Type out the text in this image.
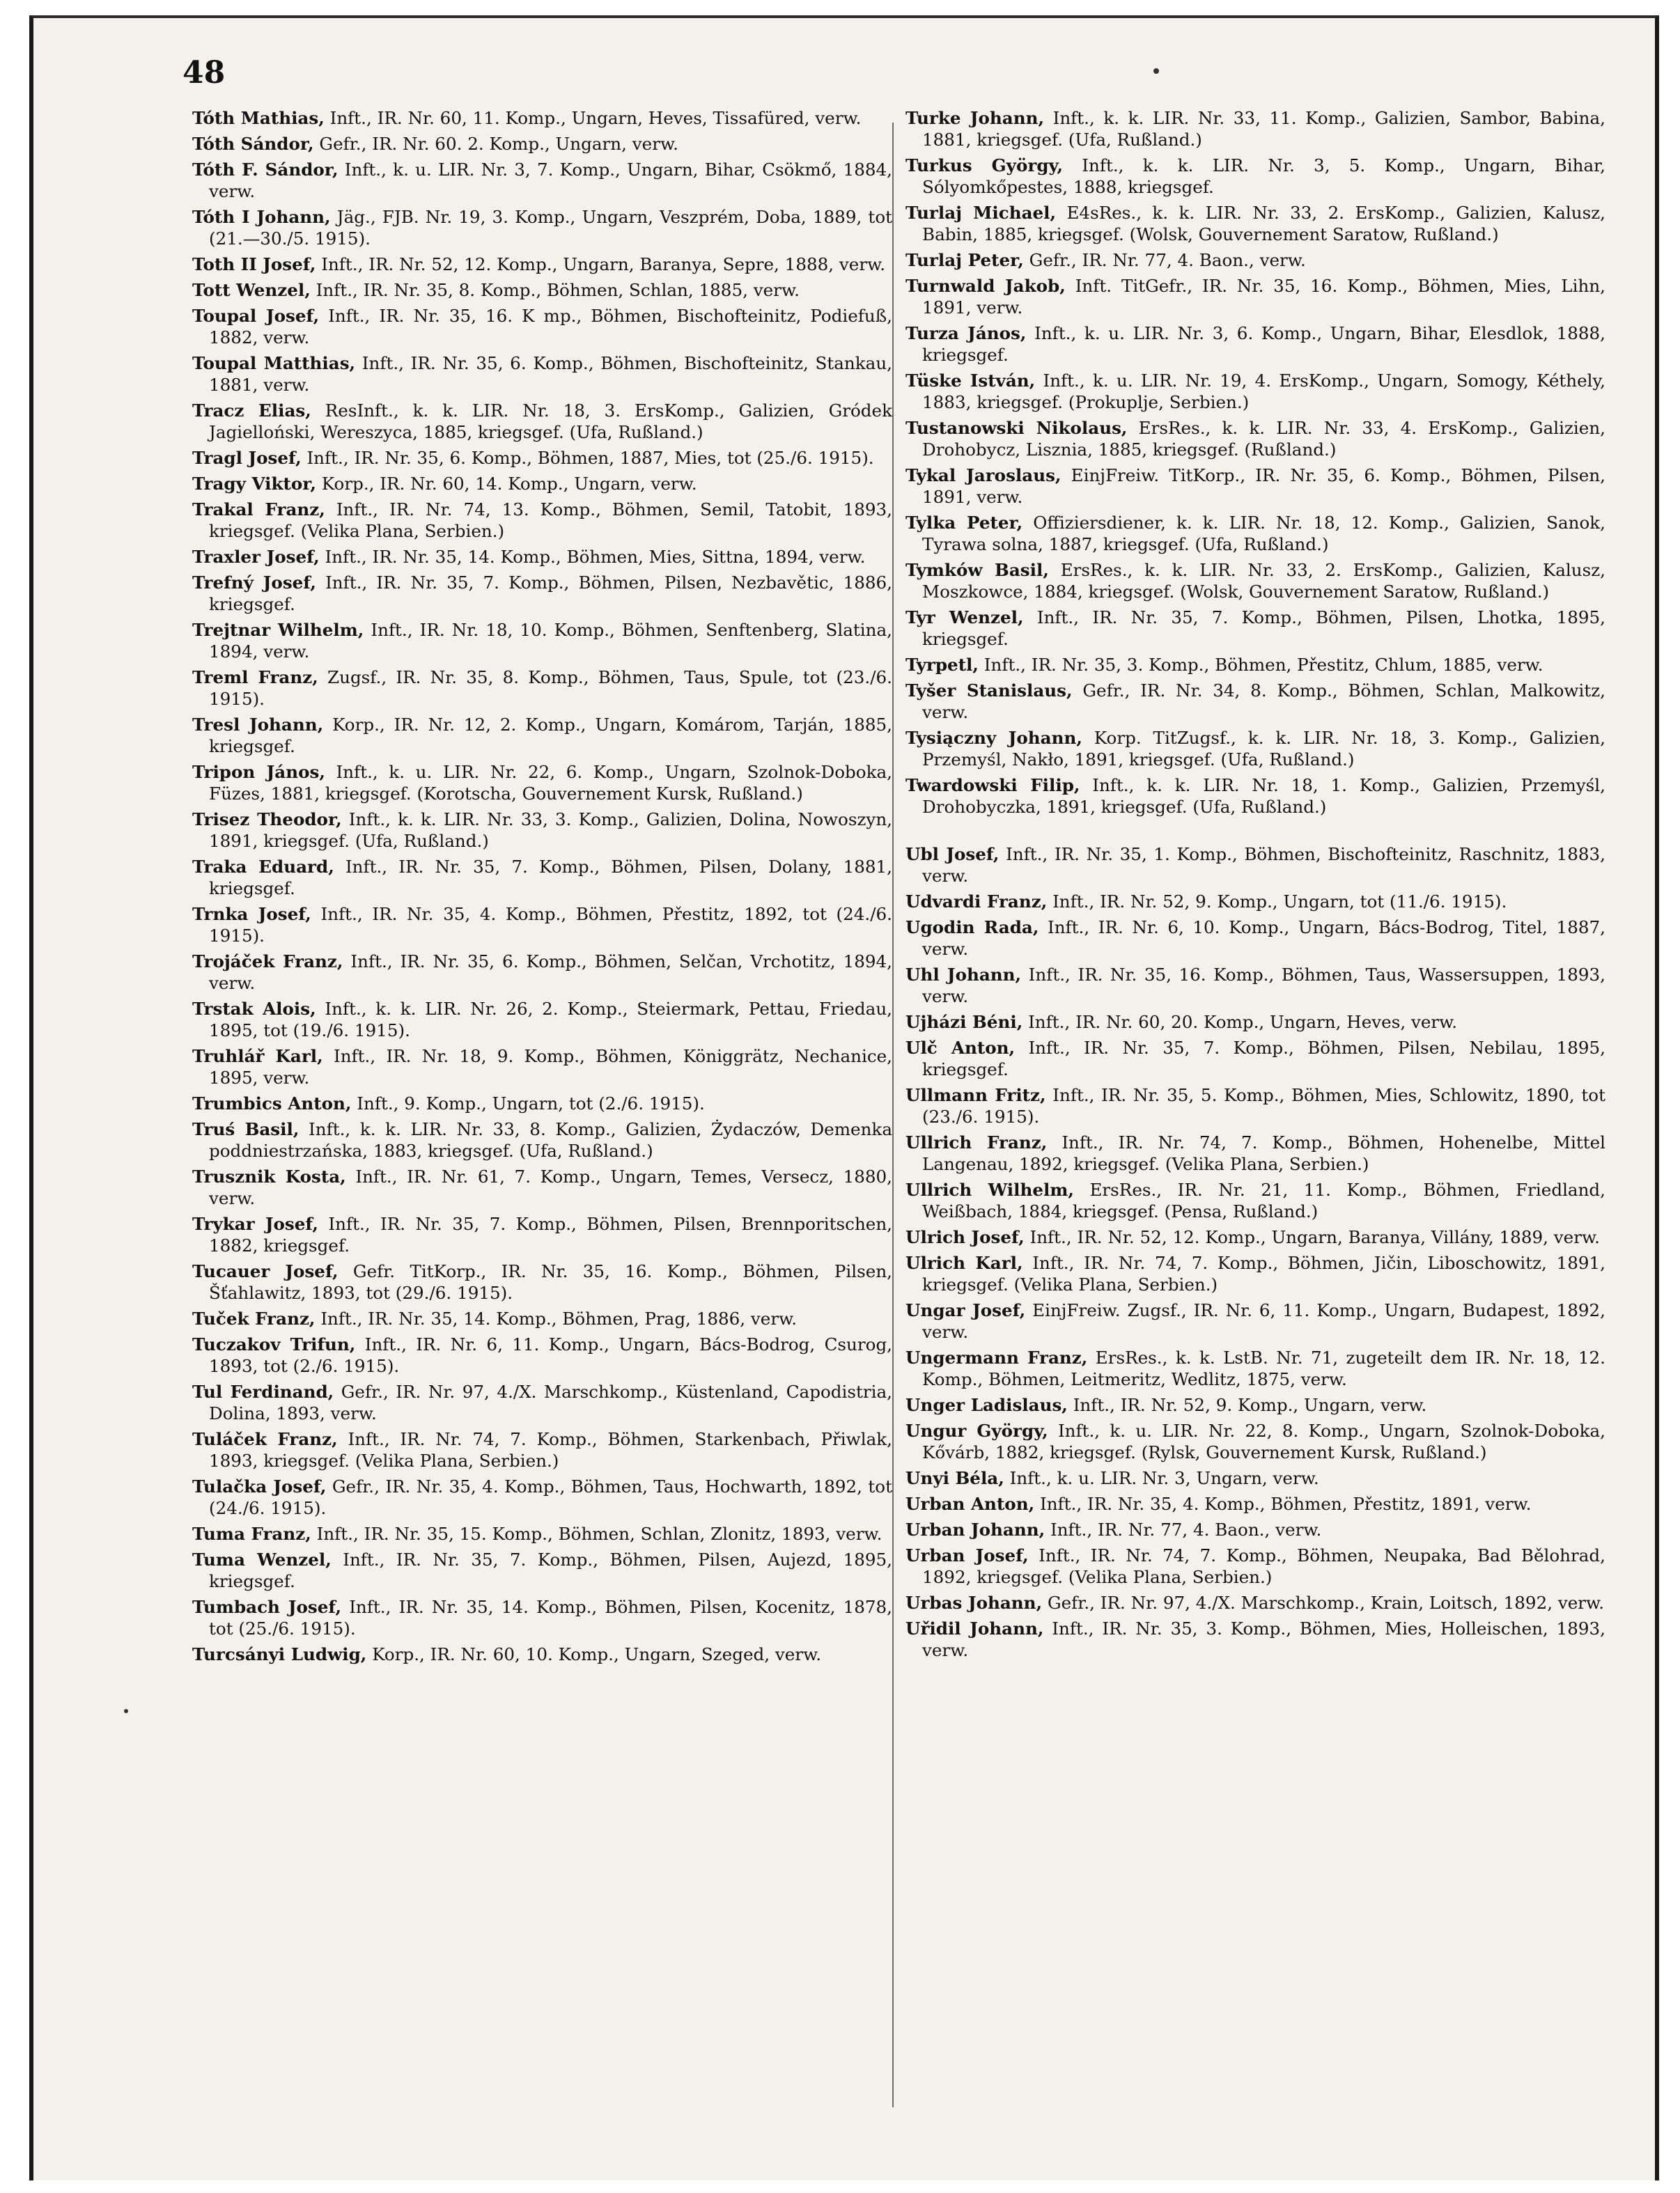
48
Tóth Mathias, Inft., IR. Nr. 60, 11. Komp., Ungarn, Heves, Tissafüred, verw.
Tóth Sándor, Gefr., IR. Nr. 60. 2. Komp., Ungarn, verw.
Tóth F. Sándor, Inft., k. u. LIR. Nr. 3, 7. Komp., Ungarn, Bihar, Csökmő, 1884, verw.
Tóth I Johann, Jäg., FJB. Nr. 19, 3. Komp., Ungarn, Veszprém, Doba, 1889, tot (21.—30./5. 1915).
Toth II Josef, Inft., IR. Nr. 52, 12. Komp., Ungarn, Baranya, Sepre, 1888, verw.
Tott Wenzel, Inft., IR. Nr. 35, 8. Komp., Böhmen, Schlan, 1885, verw.
Toupal Josef, Inft., IR. Nr. 35, 16. K mp., Böhmen, Bischofteinitz, Podiefuß, 1882, verw.
Toupal Matthias, Inft., IR. Nr. 35, 6. Komp., Böhmen, Bischofteinitz, Stankau, 1881, verw.
Tracz Elias, ResInft., k. k. LIR. Nr. 18, 3. ErsKomp., Galizien, Gródek Jagielloński, Wereszyca, 1885, kriegsgef. (Ufa, Rußland.)
Tragl Josef, Inft., IR. Nr. 35, 6. Komp., Böhmen, 1887, Mies, tot (25./6. 1915).
Tragy Viktor, Korp., IR. Nr. 60, 14. Komp., Ungarn, verw.
Trakal Franz, Inft., IR. Nr. 74, 13. Komp., Böhmen, Semil, Tatobit, 1893, kriegsgef. (Velika Plana, Serbien.)
Traxler Josef, Inft., IR. Nr. 35, 14. Komp., Böhmen, Mies, Sittna, 1894, verw.
Trefný Josef, Inft., IR. Nr. 35, 7. Komp., Böhmen, Pilsen, Nezbavětic, 1886, kriegsgef.
Trejtnar Wilhelm, Inft., IR. Nr. 18, 10. Komp., Böhmen, Senftenberg, Slatina, 1894, verw.
Treml Franz, Zugsf., IR. Nr. 35, 8. Komp., Böhmen, Taus, Spule, tot (23./6. 1915).
Tresl Johann, Korp., IR. Nr. 12, 2. Komp., Ungarn, Komárom, Tarján, 1885, kriegsgef.
Tripon János, Inft., k. u. LIR. Nr. 22, 6. Komp., Ungarn, Szolnok-Doboka, Füzes, 1881, kriegsgef. (Korotscha, Gouvernement Kursk, Rußland.)
Trisez Theodor, Inft., k. k. LIR. Nr. 33, 3. Komp., Galizien, Dolina, Nowoszyn, 1891, kriegsgef. (Ufa, Rußland.)
Traka Eduard, Inft., IR. Nr. 35, 7. Komp., Böhmen, Pilsen, Dolany, 1881, kriegsgef.
Trnka Josef, Inft., IR. Nr. 35, 4. Komp., Böhmen, Přestitz, 1892, tot (24./6. 1915).
Trojáček Franz, Inft., IR. Nr. 35, 6. Komp., Böhmen, Selčan, Vrchotitz, 1894, verw.
Trstak Alois, Inft., k. k. LIR. Nr. 26, 2. Komp., Steiermark, Pettau, Friedau, 1895, tot (19./6. 1915).
Truhlář Karl, Inft., IR. Nr. 18, 9. Komp., Böhmen, Königgrätz, Nechanice, 1895, verw.
Trumbics Anton, Inft., 9. Komp., Ungarn, tot (2./6. 1915).
Truś Basil, Inft., k. k. LIR. Nr. 33, 8. Komp., Galizien, Żydaczów, Demenka poddniestrzańska, 1883, kriegsgef. (Ufa, Rußland.)
Trusznik Kosta, Inft., IR. Nr. 61, 7. Komp., Ungarn, Temes, Versecz, 1880, verw.
Trykar Josef, Inft., IR. Nr. 35, 7. Komp., Böhmen, Pilsen, Brennporitschen, 1882, kriegsgef.
Tucauer Josef, Gefr. TitKorp., IR. Nr. 35, 16. Komp., Böhmen, Pilsen, Šťahlawitz, 1893, tot (29./6. 1915).
Tuček Franz, Inft., IR. Nr. 35, 14. Komp., Böhmen, Prag, 1886, verw.
Tuczakov Trifun, Inft., IR. Nr. 6, 11. Komp., Ungarn, Bács-Bodrog, Csurog, 1893, tot (2./6. 1915).
Tul Ferdinand, Gefr., IR. Nr. 97, 4./X. Marschkomp., Küstenland, Capodistria, Dolina, 1893, verw.
Tuláček Franz, Inft., IR. Nr. 74, 7. Komp., Böhmen, Starkenbach, Přiwlak, 1893, kriegsgef. (Velika Plana, Serbien.)
Tulačka Josef, Gefr., IR. Nr. 35, 4. Komp., Böhmen, Taus, Hochwarth, 1892, tot (24./6. 1915).
Tuma Franz, Inft., IR. Nr. 35, 15. Komp., Böhmen, Schlan, Zlonitz, 1893, verw.
Tuma Wenzel, Inft., IR. Nr. 35, 7. Komp., Böhmen, Pilsen, Aujezd, 1895, kriegsgef.
Tumbach Josef, Inft., IR. Nr. 35, 14. Komp., Böhmen, Pilsen, Kocenitz, 1878, tot (25./6. 1915).
Turcsányi Ludwig, Korp., IR. Nr. 60, 10. Komp., Ungarn, Szeged, verw.
Turke Johann, Inft., k. k. LIR. Nr. 33, 11. Komp., Galizien, Sambor, Babina, 1881, kriegsgef. (Ufa, Rußland.)
Turkus György, Inft., k. k. LIR. Nr. 3, 5. Komp., Ungarn, Bihar, Sólyomkőpestes, 1888, kriegsgef.
Turlaj Michael, E4sRes., k. k. LIR. Nr. 33, 2. ErsKomp., Galizien, Kalusz, Babin, 1885, kriegsgef. (Wolsk, Gouvernement Saratow, Rußland.)
Turlaj Peter, Gefr., IR. Nr. 77, 4. Baon., verw.
Turnwald Jakob, Inft. TitGefr., IR. Nr. 35, 16. Komp., Böhmen, Mies, Lihn, 1891, verw.
Turza János, Inft., k. u. LIR. Nr. 3, 6. Komp., Ungarn, Bihar, Elesdlok, 1888, kriegsgef.
Tüske István, Inft., k. u. LIR. Nr. 19, 4. ErsKomp., Ungarn, Somogy, Kéthely, 1883, kriegsgef. (Prokuplje, Serbien.)
Tustanowski Nikolaus, ErsRes., k. k. LIR. Nr. 33, 4. ErsKomp., Galizien, Drohobycz, Lisznia, 1885, kriegsgef. (Rußland.)
Tykal Jaroslaus, EinjFreiw. TitKorp., IR. Nr. 35, 6. Komp., Böhmen, Pilsen, 1891, verw.
Tylka Peter, Offiziersdiener, k. k. LIR. Nr. 18, 12. Komp., Galizien, Sanok, Tyrawa solna, 1887, kriegsgef. (Ufa, Rußland.)
Tymków Basil, ErsRes., k. k. LIR. Nr. 33, 2. ErsKomp., Galizien, Kalusz, Moszkowce, 1884, kriegsgef. (Wolsk, Gouvernement Saratow, Rußland.)
Tyr Wenzel, Inft., IR. Nr. 35, 7. Komp., Böhmen, Pilsen, Lhotka, 1895, kriegsgef.
Tyrpetl, Inft., IR. Nr. 35, 3. Komp., Böhmen, Přestitz, Chlum, 1885, verw.
Tyšer Stanislaus, Gefr., IR. Nr. 34, 8. Komp., Böhmen, Schlan, Malkowitz, verw.
Tysiączny Johann, Korp. TitZugsf., k. k. LIR. Nr. 18, 3. Komp., Galizien, Przemyśl, Nakło, 1891, kriegsgef. (Ufa, Rußland.)
Twardowski Filip, Inft., k. k. LIR. Nr. 18, 1. Komp., Galizien, Przemyśl, Drohobyczka, 1891, kriegsgef. (Ufa, Rußland.)
Ubl Josef, Inft., IR. Nr. 35, 1. Komp., Böhmen, Bischofteinitz, Raschnitz, 1883, verw.
Udvardi Franz, Inft., IR. Nr. 52, 9. Komp., Ungarn, tot (11./6. 1915).
Ugodin Rada, Inft., IR. Nr. 6, 10. Komp., Ungarn, Bács-Bodrog, Titel, 1887, verw.
Uhl Johann, Inft., IR. Nr. 35, 16. Komp., Böhmen, Taus, Wassersuppen, 1893, verw.
Ujházi Béni, Inft., IR. Nr. 60, 20. Komp., Ungarn, Heves, verw.
Ulč Anton, Inft., IR. Nr. 35, 7. Komp., Böhmen, Pilsen, Nebilau, 1895, kriegsgef.
Ullmann Fritz, Inft., IR. Nr. 35, 5. Komp., Böhmen, Mies, Schlowitz, 1890, tot (23./6. 1915).
Ullrich Franz, Inft., IR. Nr. 74, 7. Komp., Böhmen, Hohenelbe, Mittel Langenau, 1892, kriegsgef. (Velika Plana, Serbien.)
Ullrich Wilhelm, ErsRes., IR. Nr. 21, 11. Komp., Böhmen, Friedland, Weißbach, 1884, kriegsgef. (Pensa, Rußland.)
Ulrich Josef, Inft., IR. Nr. 52, 12. Komp., Ungarn, Baranya, Villány, 1889, verw.
Ulrich Karl, Inft., IR. Nr. 74, 7. Komp., Böhmen, Jičin, Liboschowitz, 1891, kriegsgef. (Velika Plana, Serbien.)
Ungar Josef, EinjFreiw. Zugsf., IR. Nr. 6, 11. Komp., Ungarn, Budapest, 1892, verw.
Ungermann Franz, ErsRes., k. k. LstB. Nr. 71, zugeteilt dem IR. Nr. 18, 12. Komp., Böhmen, Leitmeritz, Wedlitz, 1875, verw.
Unger Ladislaus, Inft., IR. Nr. 52, 9. Komp., Ungarn, verw.
Ungur György, Inft., k. u. LIR. Nr. 22, 8. Komp., Ungarn, Szolnok-Doboka, Kővárb, 1882, kriegsgef. (Rylsk, Gouvernement Kursk, Rußland.)
Unyi Béla, Inft., k. u. LIR. Nr. 3, Ungarn, verw.
Urban Anton, Inft., IR. Nr. 35, 4. Komp., Böhmen, Přestitz, 1891, verw.
Urban Johann, Inft., IR. Nr. 77, 4. Baon., verw.
Urban Josef, Inft., IR. Nr. 74, 7. Komp., Böhmen, Neupaka, Bad Bělohrad, 1892, kriegsgef. (Velika Plana, Serbien.)
Urbas Johann, Gefr., IR. Nr. 97, 4./X. Marschkomp., Krain, Loitsch, 1892, verw.
Uřidil Johann, Inft., IR. Nr. 35, 3. Komp., Böhmen, Mies, Holleischen, 1893, verw.
